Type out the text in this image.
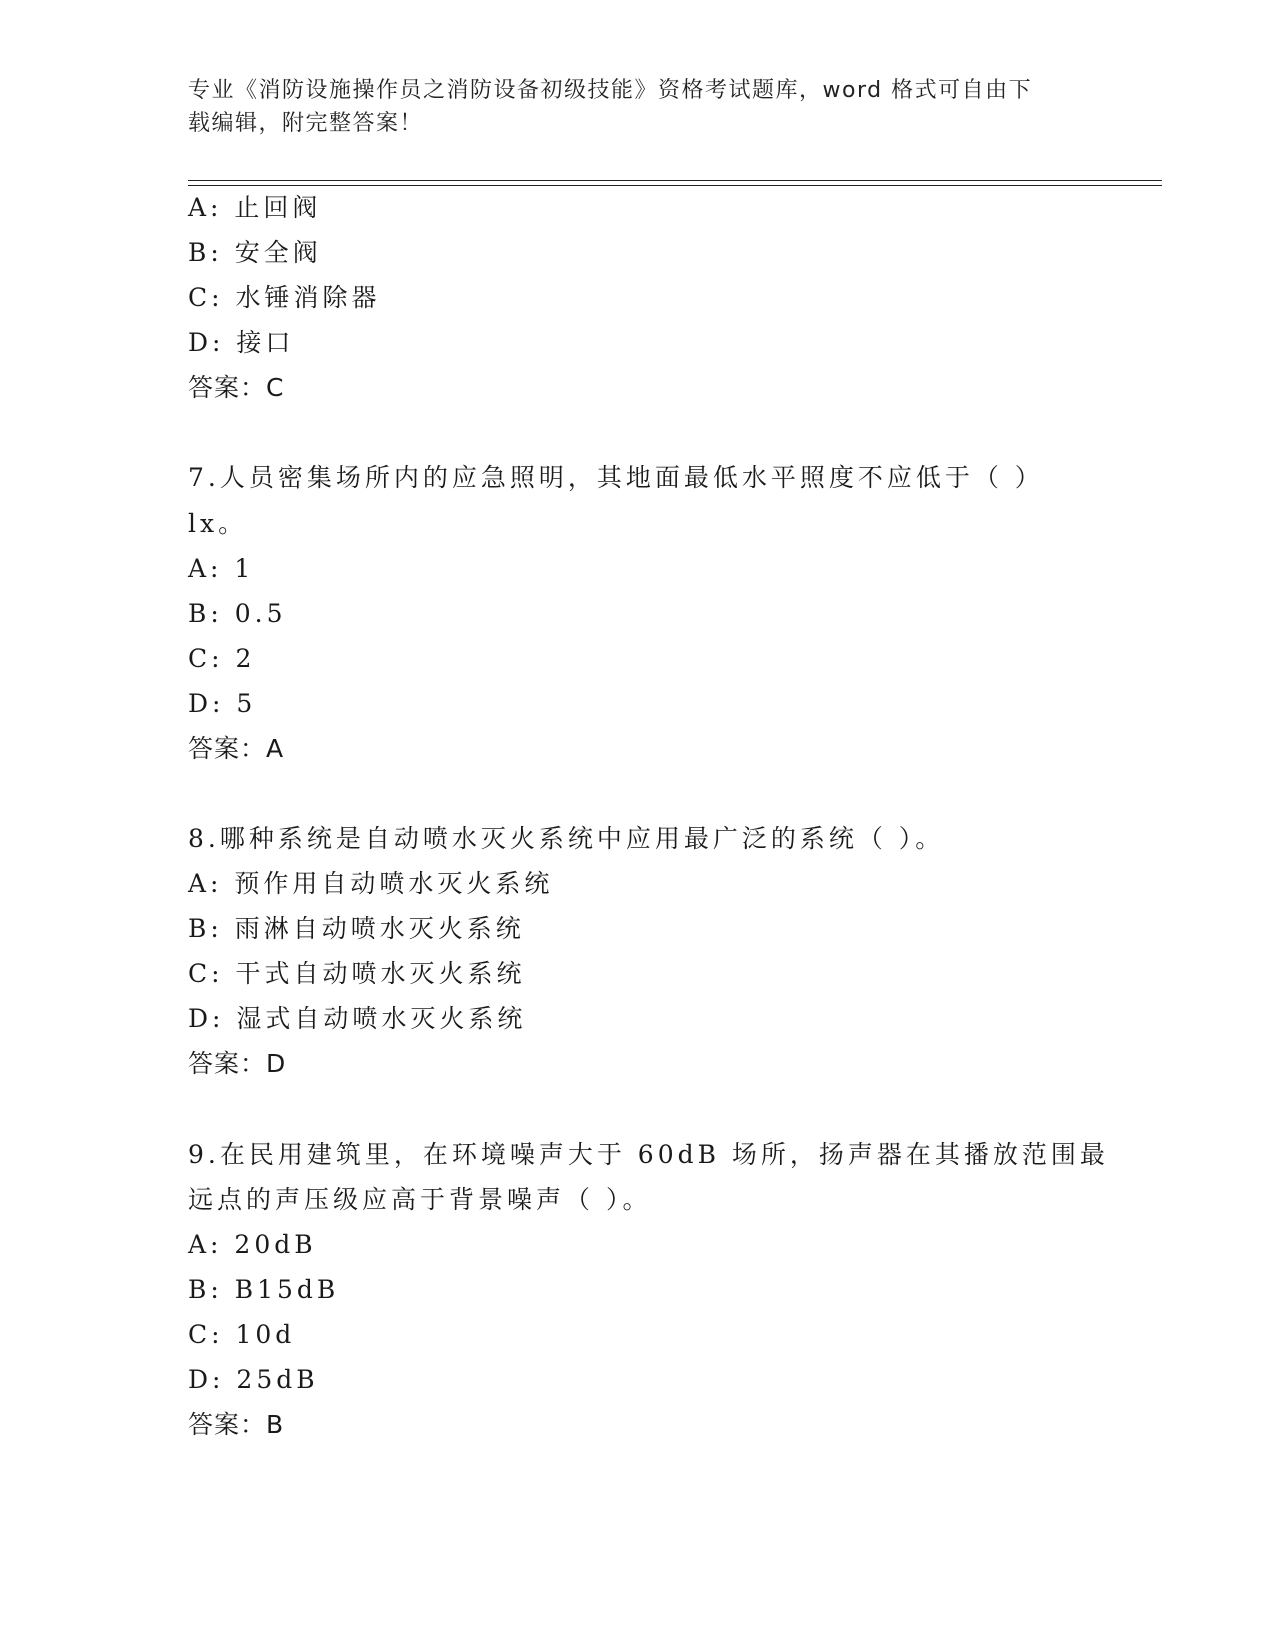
专业《消防设施操作员之消防设备初级技能》资格考试题库，word 格式可自由下
载编辑，附完整答案！
A: 止回阀
B: 安全阀
C: 水锤消除器
D: 接口
答案：C
7.人员密集场所内的应急照明，其地面最低水平照度不应低于（ ）
lx。
A: 1
B: 0.5
C: 2
D: 5
答案：A
8.哪种系统是自动喷水灭火系统中应用最广泛的系统（ ）。
A: 预作用自动喷水灭火系统
B: 雨淋自动喷水灭火系统
C: 干式自动喷水灭火系统
D: 湿式自动喷水灭火系统
答案：D
9.在民用建筑里，在环境噪声大于 60dB 场所，扬声器在其播放范围最
远点的声压级应高于背景噪声（ ）。
A: 20dB
B: B15dB
C: 10d
D: 25dB
答案：B
